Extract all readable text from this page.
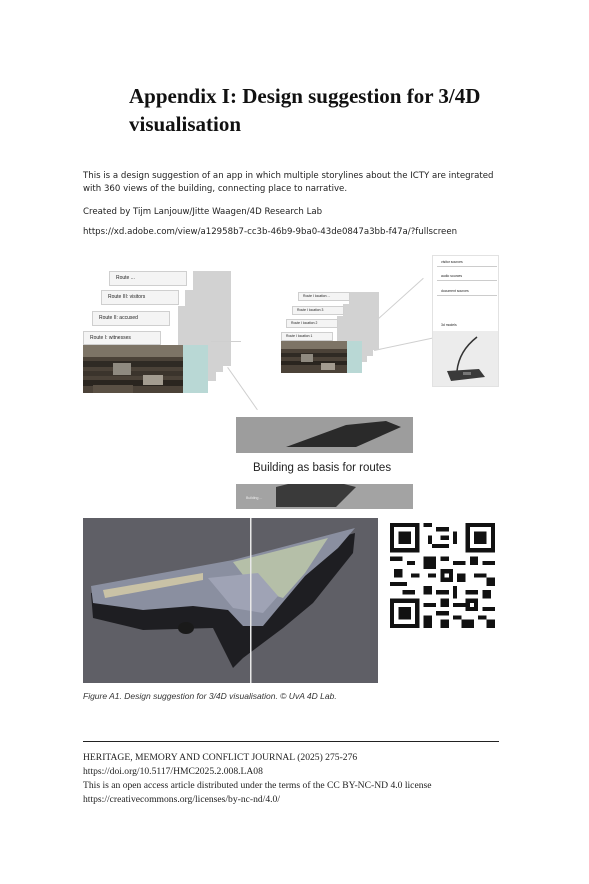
Appendix I: Design suggestion for 3/4D visualisation

This is a design suggestion of an app in which multiple storylines about the ICTY are integrated with 360 views of the building, connecting place to narrative.

Created by Tijm Lanjouw/Jitte Waagen/4D Research Lab

https://xd.adobe.com/view/a12958b7-cc3b-46b9-9ba0-43de0847a3bb-f47a/?fullscreen

Route ...
Route III: visitors
Route II: accused
Route I: witnesses
Route I location ...
Route I location 3
Route I location 2
Route I location 1
visitor sources
audio sources
document sources
3d models
Building as basis for routes
Building ...
Figure A1. Design suggestion for 3/4D visualisation. © UvA 4D Lab.

HERITAGE, MEMORY AND CONFLICT JOURNAL (2025) 275-276

https://doi.org/10.5117/HMC2025.2.008.LA08

This is an open access article distributed under the terms of the CC BY-NC-ND 4.0 license

https://creativecommons.org/licenses/by-nc-nd/4.0/
